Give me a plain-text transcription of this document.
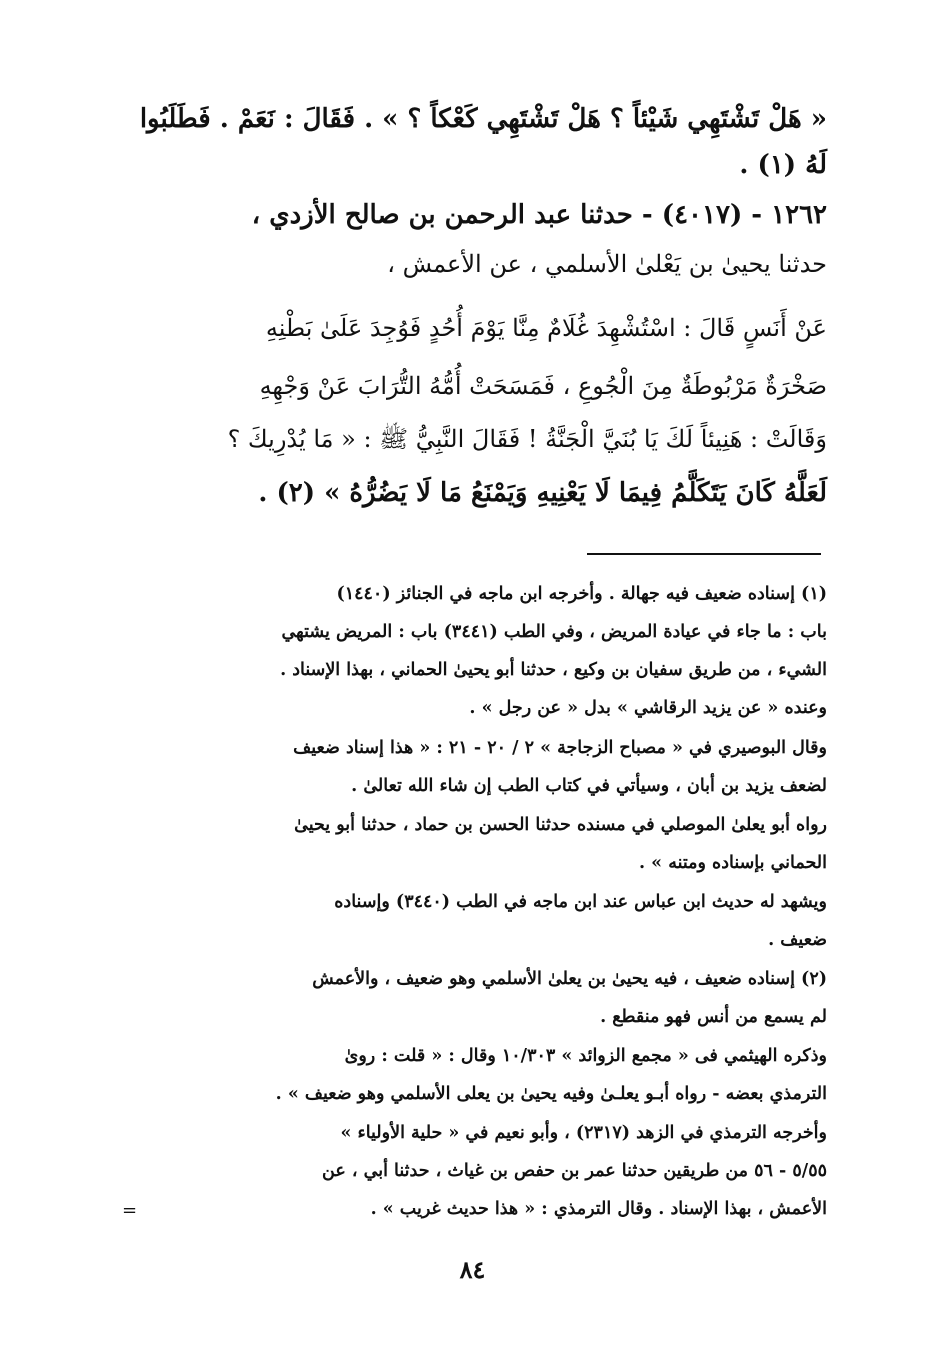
« هَلْ تَشْتَهِي شَيْئاً ؟ هَلْ تَشْتَهِي كَعْكاً ؟ » . فَقَالَ : نَعَمْ . فَطَلَبُوا
لَهُ (١) .
١٢٦٢ - (٤٠١٧) - حدثنا عبد الرحمن بن صالح الأزدي ،
حدثنا يحيىٰ بن يَعْلىٰ الأسلمي ، عن الأعمش ،
عَنْ أَنَسٍ قَالَ : اسْتُشْهِدَ غُلَامٌ مِنَّا يَوْمَ أُحُدٍ فَوُجِدَ عَلَىٰ بَطْنِهِ
صَخْرَةٌ مَرْبُوطَةٌ مِنَ الْجُوعِ ، فَمَسَحَتْ أُمُّهُ التُّرَابَ عَنْ وَجْهِهِ
وَقَالَتْ : هَنِيئاً لَكَ يَا بُنَيَّ الْجَنَّةُ ! فَقَالَ النَّبِيُّ ﷺ : « مَا يُدْرِيكَ ؟
لَعَلَّهُ كَانَ يَتَكَلَّمُ فِيمَا لَا يَعْنِيهِ وَيَمْنَعُ مَا لَا يَضُرُّهُ » (٢) .
(١) إسناده ضعيف فيه جهالة . وأخرجه ابن ماجه في الجنائز (١٤٤٠)
باب : ما جاء في عيادة المريض ، وفي الطب (٣٤٤١) باب : المريض يشتهي
الشيء ، من طريق سفيان بن وكيع ، حدثنا أبو يحيىٰ الحماني ، بهذا الإسناد .
وعنده « عن يزيد الرقاشي » بدل « عن رجل » .
وقال البوصيري في « مصباح الزجاجة » ٢ / ٢٠ - ٢١ : « هذا إسناد ضعيف
لضعف يزيد بن أبان ، وسيأتي في كتاب الطب إن شاء الله تعالىٰ .
رواه أبو يعلىٰ الموصلي في مسنده حدثنا الحسن بن حماد ، حدثنا أبو يحيىٰ
الحماني بإسناده ومتنه » .
ويشهد له حديث ابن عباس عند ابن ماجه في الطب (٣٤٤٠) وإسناده
ضعيف .
(٢) إسناده ضعيف ، فيه يحيىٰ بن يعلىٰ الأسلمي وهو ضعيف ، والأعمش
لم يسمع من أنس فهو منقطع .
وذكره الهيثمي فى « مجمع الزوائد » ١٠/٣٠٣ وقال : « قلت : روىٰ
الترمذي بعضه - رواه أبـو يعلـىٰ وفيه يحيىٰ بن يعلى الأسلمي وهو ضعيف » .
وأخرجه الترمذي في الزهد (٢٣١٧) ، وأبو نعيم في « حلية الأولياء »
٥/٥٥ - ٥٦ من طريقين حدثنا عمر بن حفص بن غياث ، حدثنا أبي ، عن
الأعمش ، بهذا الإسناد . وقال الترمذي : « هذا حديث غريب » .
=
٨٤
